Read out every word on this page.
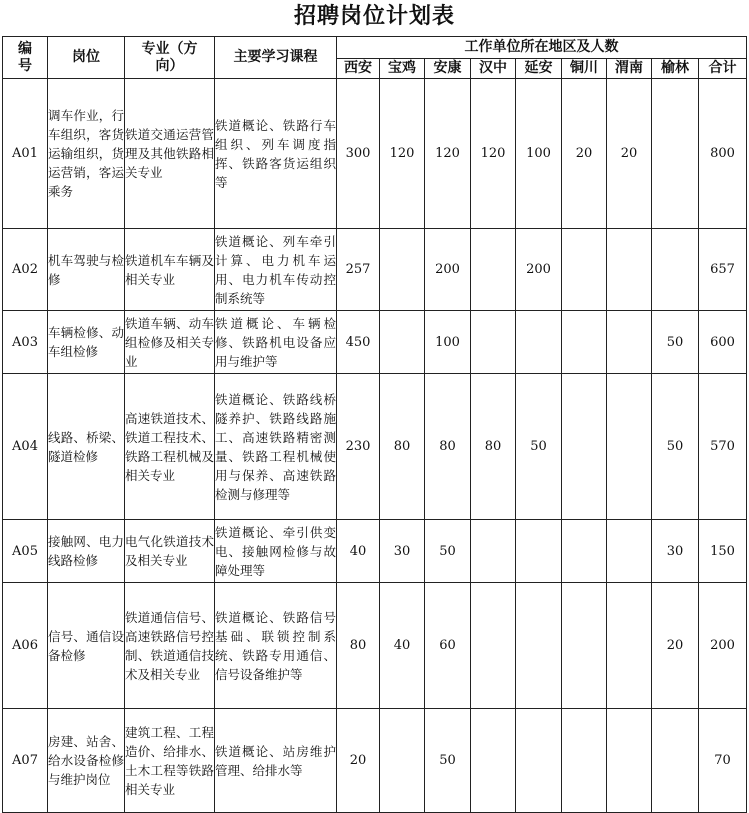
招聘岗位计划表
编号	岗位	专业（方向）	主要学习课程	工作单位所在地区及人数								
				西安	宝鸡	安康	汉中	延安	铜川	渭南	榆林	合计
A01	调车作业，行车组织，客货运输组织，货运营销，客运乘务	铁道交通运营管理及其他铁路相关专业	铁道概论、铁路行车组织、列车调度指挥、铁路客货运组织等	300	120	120	120	100	20	20		800
A02	机车驾驶与检修	铁道机车车辆及相关专业	铁道概论、列车牵引计算、电力机车运用、电力机车传动控制系统等	257		200		200				657
A03	车辆检修、动车组检修	铁道车辆、动车组检修及相关专业	铁道概论、车辆检修、铁路机电设备应用与维护等	450		100					50	600
A04	线路、桥梁、隧道检修	高速铁道技术、铁道工程技术、铁路工程机械及相关专业	铁道概论、铁路线桥隧养护、铁路线路施工、高速铁路精密测量、铁路工程机械使用与保养、高速铁路检测与修理等	230	80	80	80	50			50	570
A05	接触网、电力线路检修	电气化铁道技术及相关专业	铁道概论、牵引供变电、接触网检修与故障处理等	40	30	50					30	150
A06	信号、通信设备检修	铁道通信信号、高速铁路信号控制、铁道通信技术及相关专业	铁道概论、铁路信号基础、联锁控制系统、铁路专用通信、信号设备维护等	80	40	60					20	200
A07	房建、站舍、给水设备检修与维护岗位	建筑工程、工程造价、给排水、土木工程等铁路相关专业	铁道概论、站房维护管理、给排水等	20		50						70
